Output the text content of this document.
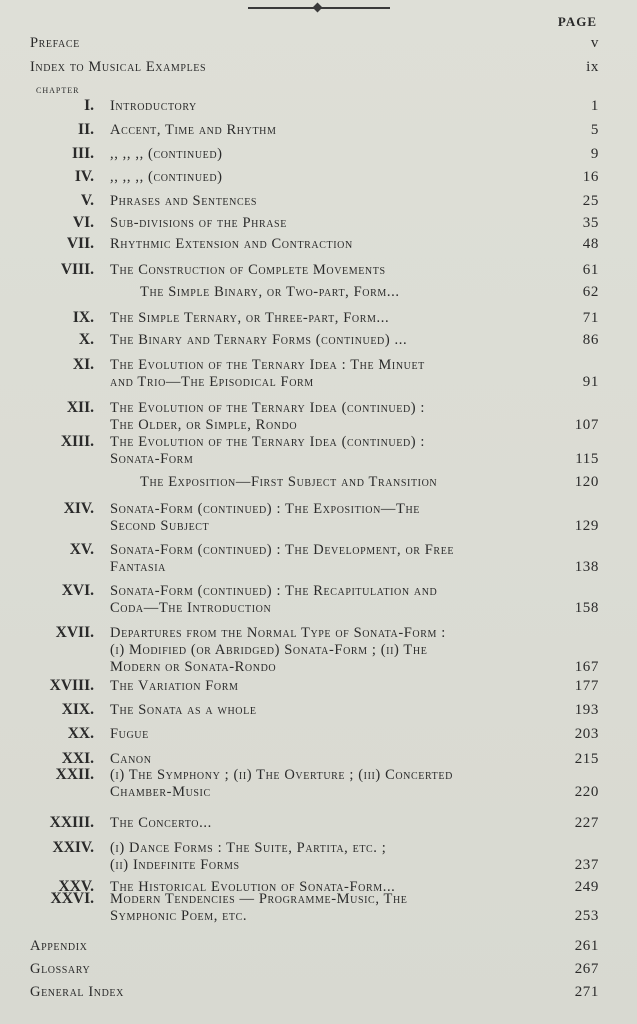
PAGE
chapter
Preface	v
Index to Musical Examples	ix
I. Introductory	1
II. Accent, Time and Rhythm	5
III. ,, ,, ,, (continued)	9
IV. ,, ,, ,, (continued)	16
V. Phrases and Sentences	25
VI. Sub-divisions of the Phrase	35
VII. Rhythmic Extension and Contraction	48
VIII. The Construction of Complete Movements	61
The Simple Binary, or Two-part, Form...	62
IX. The Simple Ternary, or Three-part, Form...	71
X. The Binary and Ternary Forms (continued) ...	86
XI. The Evolution of the Ternary Idea : The Minuet
and Trio—The Episodical Form	91
XII. The Evolution of the Ternary Idea (continued) :
The Older, or Simple, Rondo	107
XIII. The Evolution of the Ternary Idea (continued) :
Sonata-Form	115
The Exposition—First Subject and Transition	120
XIV. Sonata-Form (continued) : The Exposition—The
Second Subject	129
XV. Sonata-Form (continued) : The Development, or Free
Fantasia	138
XVI. Sonata-Form (continued) : The Recapitulation and
Coda—The Introduction	158
XVII. Departures from the Normal Type of Sonata-Form :
(i) Modified (or Abridged) Sonata-Form ; (ii) The
Modern or Sonata-Rondo	167
XVIII. The Variation Form	177
XIX. The Sonata as a whole	193
XX. Fugue	203
XXI. Canon	215
XXII. (i) The Symphony ; (ii) The Overture ; (iii) Concerted
Chamber-Music	220
XXIII. The Concerto...	227
XXIV. (i) Dance Forms : The Suite, Partita, etc. ;
(ii) Indefinite Forms	237
XXV. The Historical Evolution of Sonata-Form...	249
XXVI. Modern Tendencies — Programme-Music, The
Symphonic Poem, etc.	253
Appendix	261
Glossary	267
General Index	271
